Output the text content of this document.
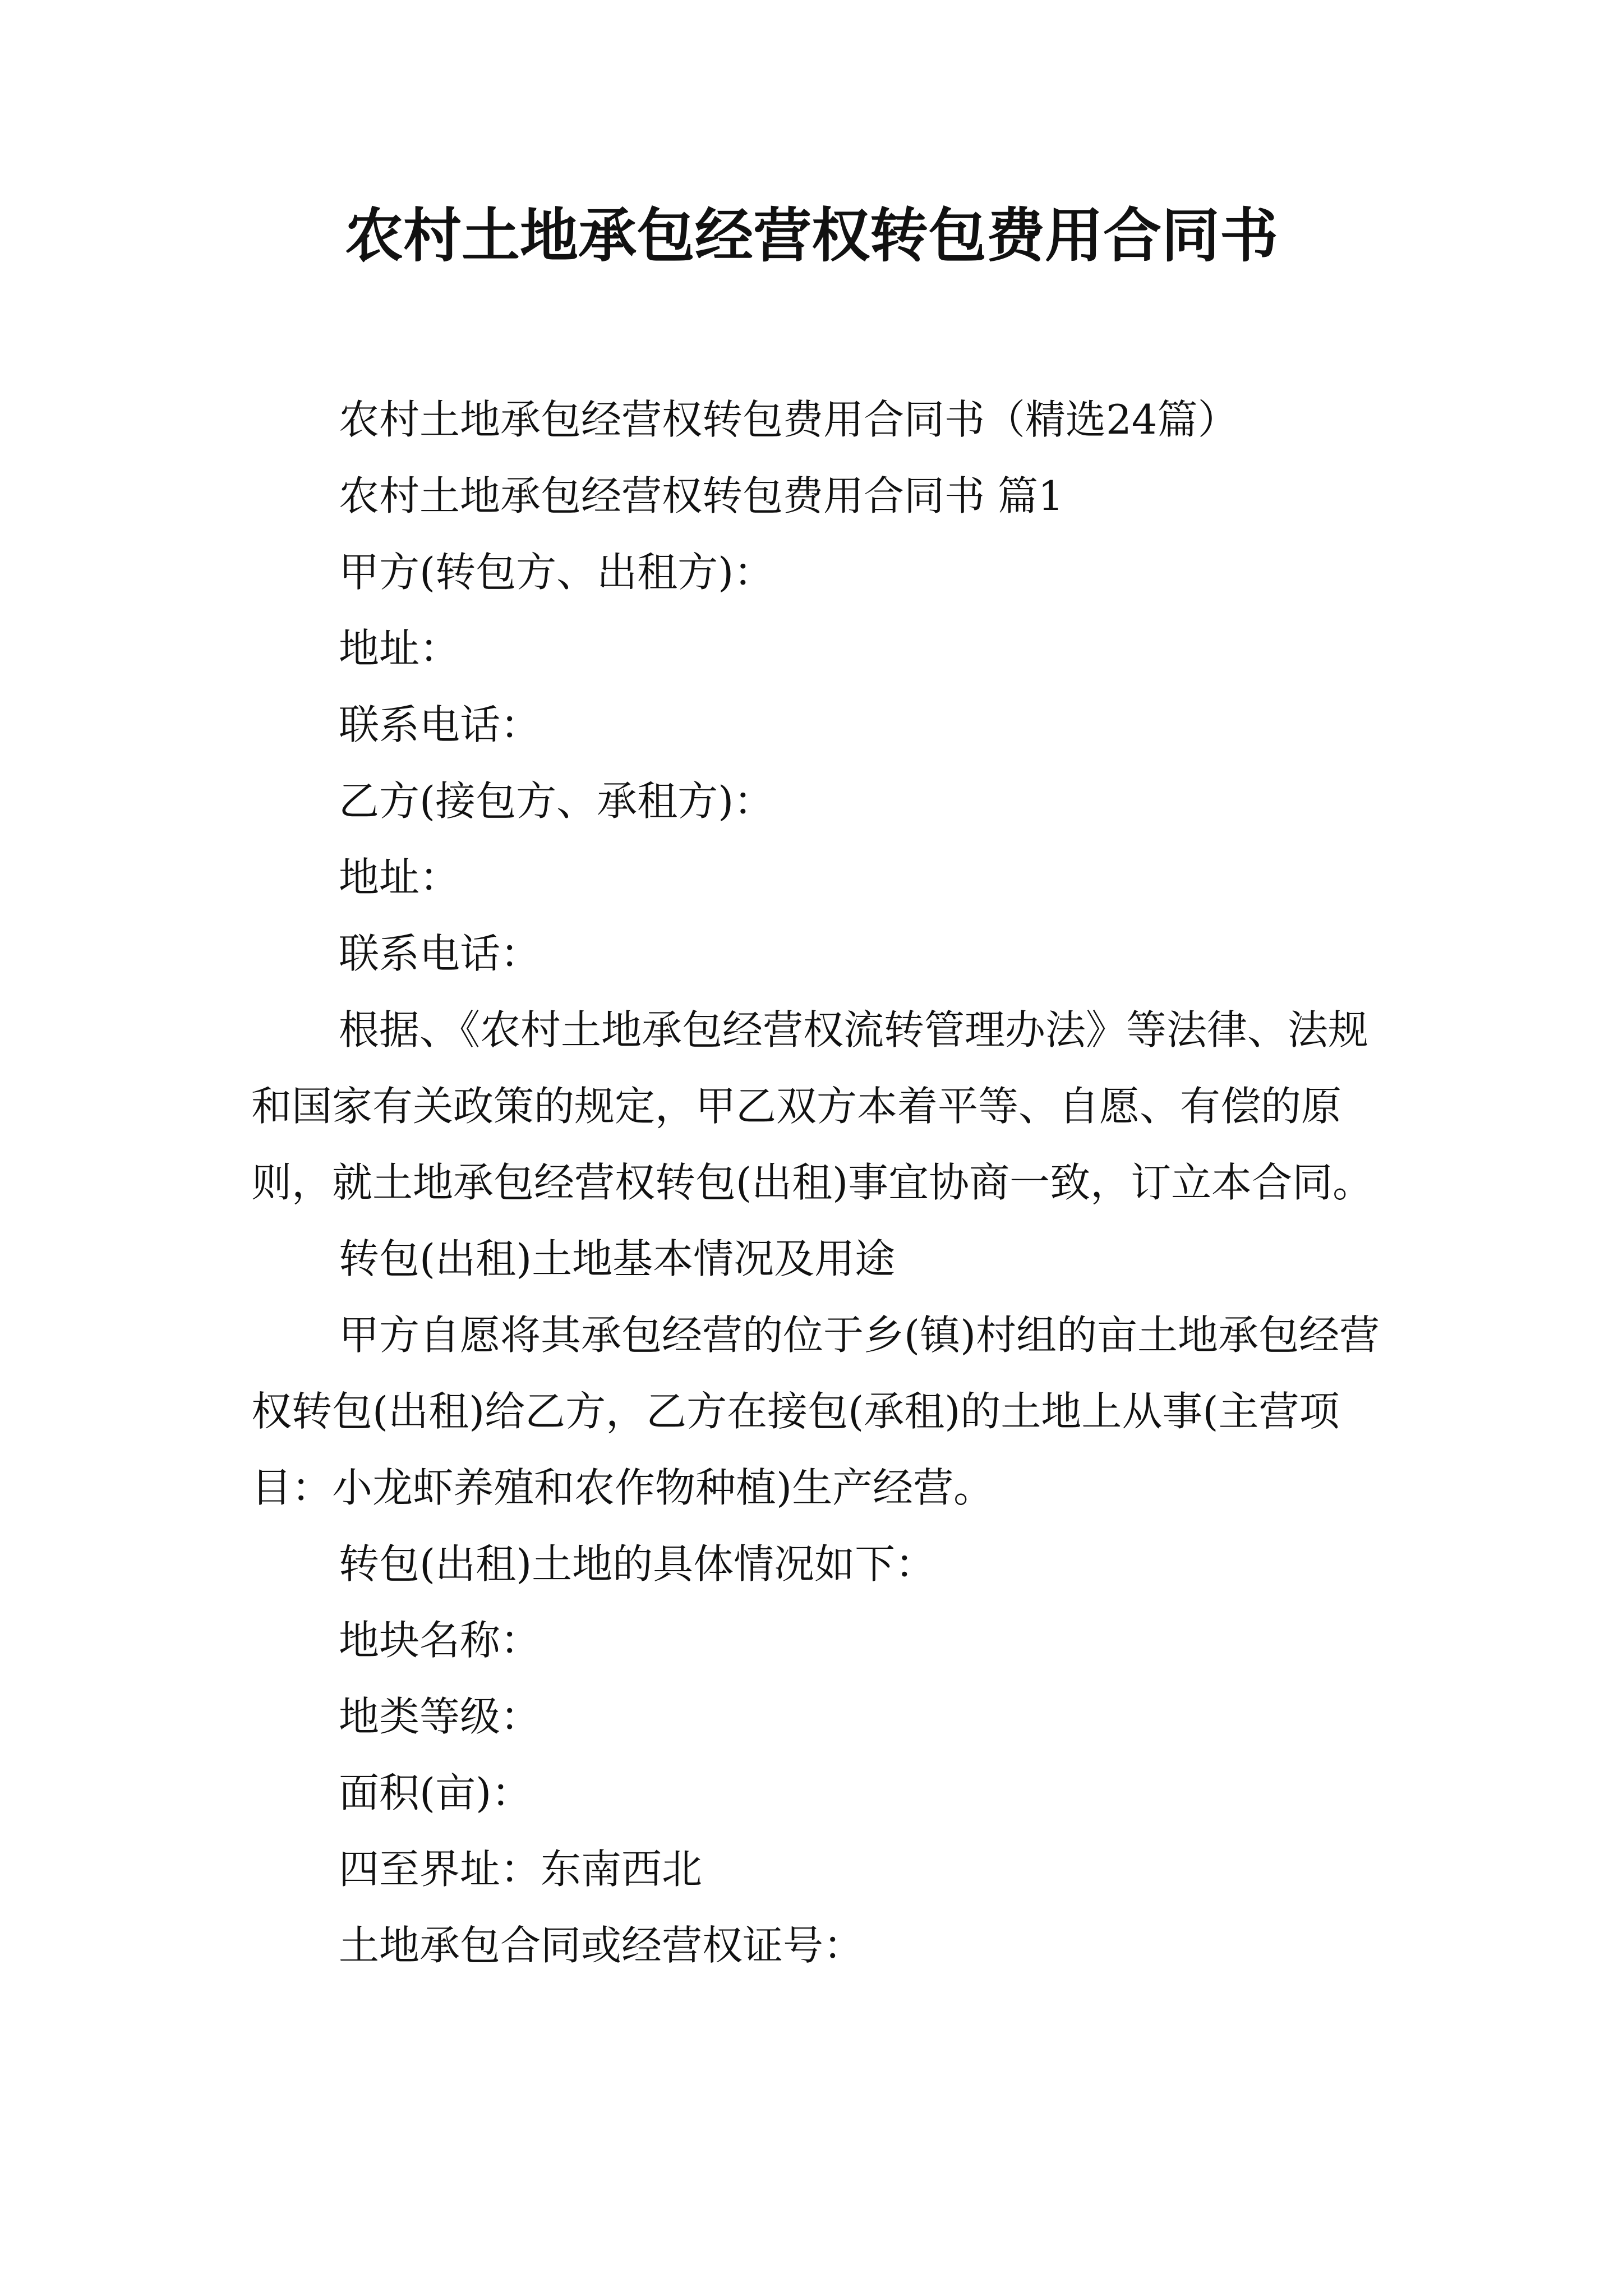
农村土地承包经营权转包费用合同书

农村土地承包经营权转包费用合同书（精选24篇）

农村土地承包经营权转包费用合同书 篇1

甲方(转包方、出租方)：

地址：

联系电话：

乙方(接包方、承租方)：

地址：

联系电话：

根据、《农村土地承包经营权流转管理办法》等法律、法规和国家有关政策的规定，甲乙双方本着平等、自愿、有偿的原则，就土地承包经营权转包(出租)事宜协商一致，订立本合同。

转包(出租)土地基本情况及用途

甲方自愿将其承包经营的位于乡(镇)村组的亩土地承包经营权转包(出租)给乙方，乙方在接包(承租)的土地上从事(主营项目：小龙虾养殖和农作物种植)生产经营。

转包(出租)土地的具体情况如下：

地块名称：

地类等级：

面积(亩)：

四至界址：东南西北

土地承包合同或经营权证号：
